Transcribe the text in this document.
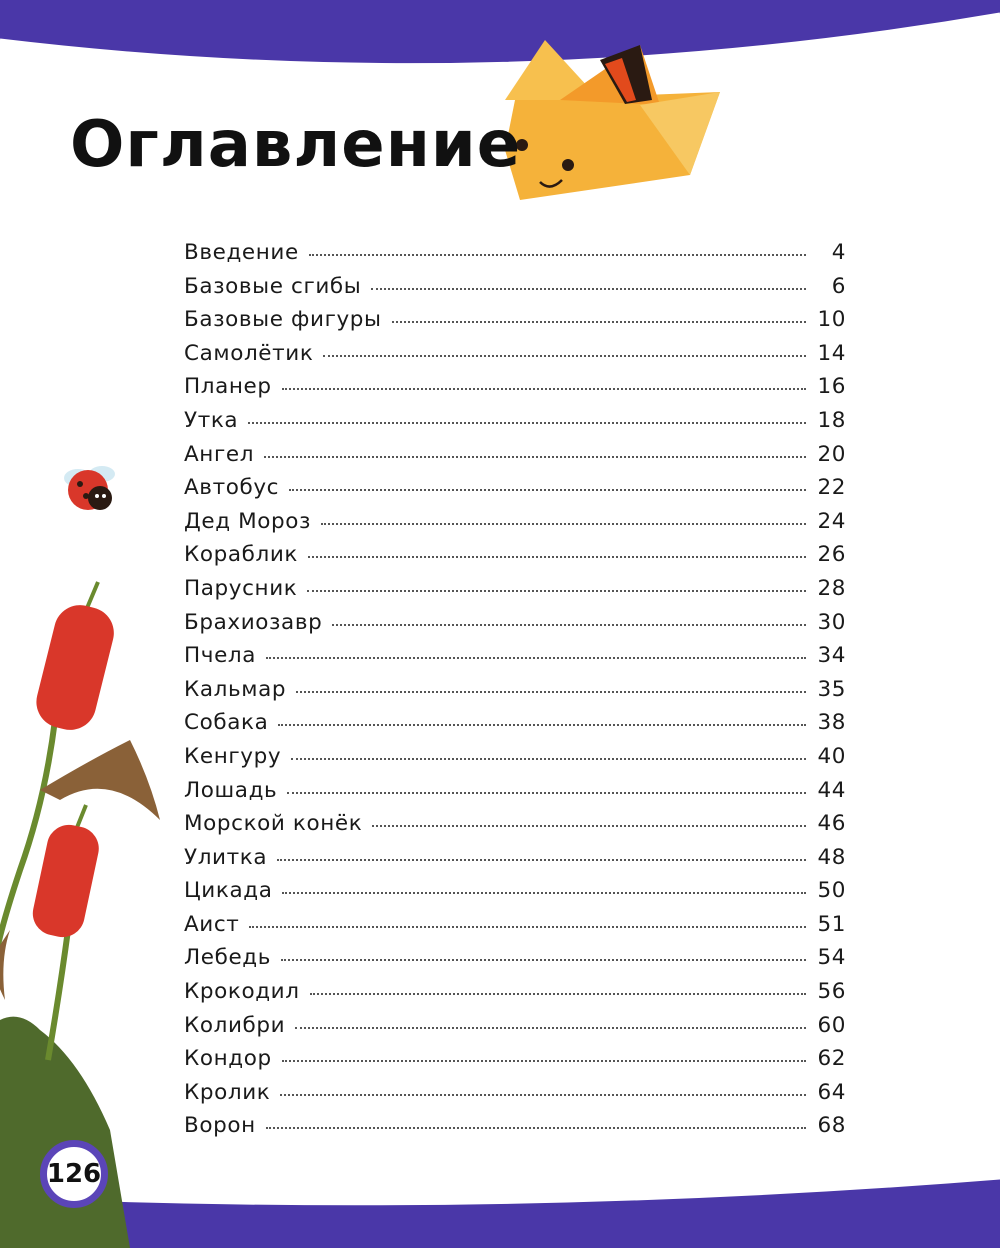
Оглавление
Введение	4
Базовые сгибы	6
Базовые фигуры	10
Самолётик	14
Планер	16
Утка	18
Ангел	20
Автобус	22
Дед Мороз	24
Кораблик	26
Парусник	28
Брахиозавр	30
Пчела	34
Кальмар	35
Собака	38
Кенгуру	40
Лошадь	44
Морской конёк	46
Улитка	48
Цикада	50
Аист	51
Лебедь	54
Крокодил	56
Колибри	60
Кондор	62
Кролик	64
Ворон	68
126
